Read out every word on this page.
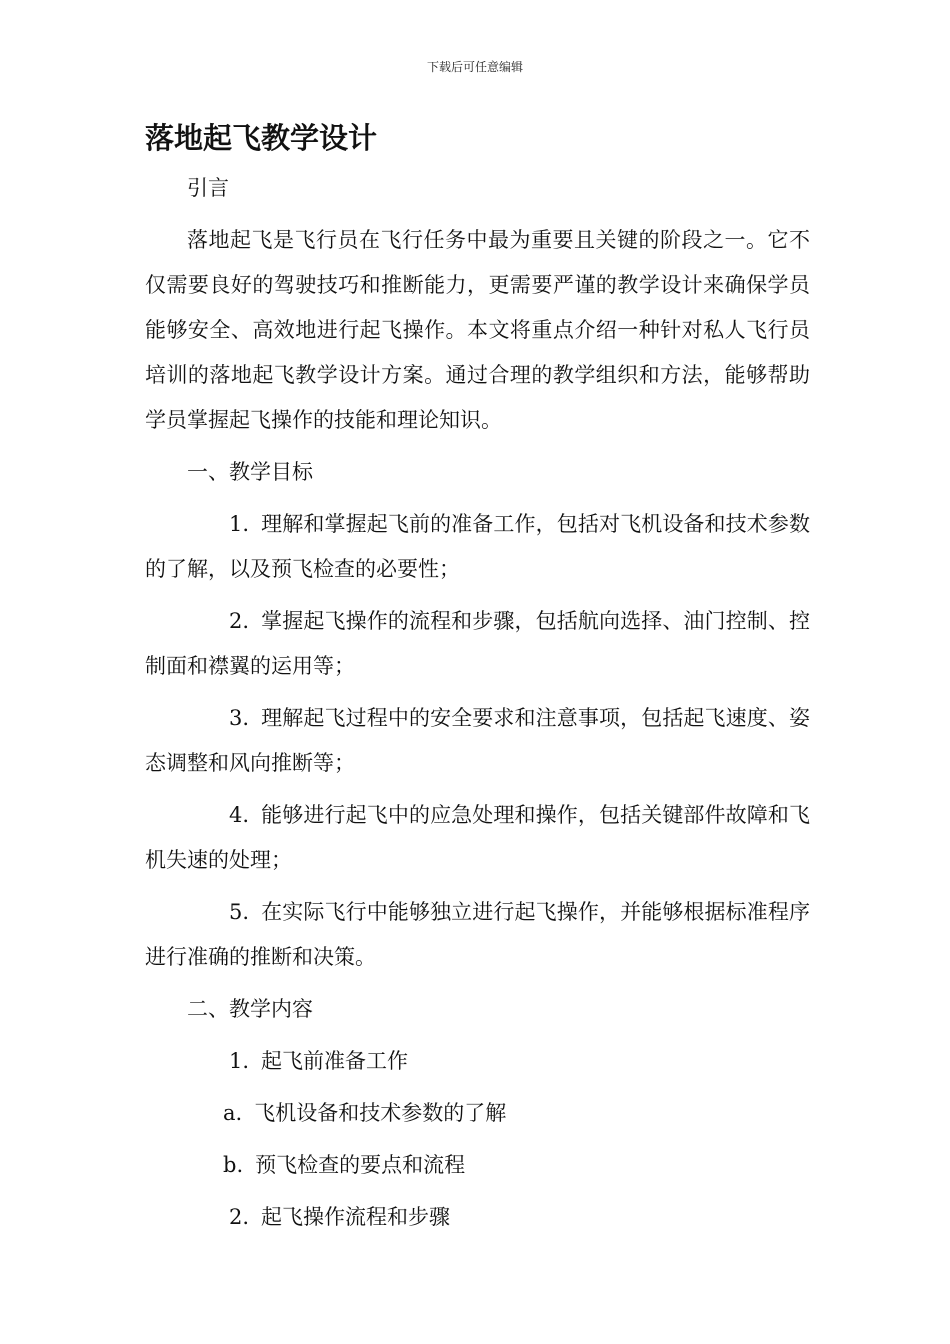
下载后可任意编辑
落地起飞教学设计

引言

落地起飞是飞行员在飞行任务中最为重要且关键的阶段之一。它不仅需要良好的驾驶技巧和推断能力，更需要严谨的教学设计来确保学员能够安全、高效地进行起飞操作。本文将重点介绍一种针对私人飞行员培训的落地起飞教学设计方案。通过合理的教学组织和方法，能够帮助学员掌握起飞操作的技能和理论知识。

一、教学目标

1. 理解和掌握起飞前的准备工作，包括对飞机设备和技术参数的了解，以及预飞检查的必要性；

2. 掌握起飞操作的流程和步骤，包括航向选择、油门控制、控制面和襟翼的运用等；

3. 理解起飞过程中的安全要求和注意事项，包括起飞速度、姿态调整和风向推断等；

4. 能够进行起飞中的应急处理和操作，包括关键部件故障和飞机失速的处理；

5. 在实际飞行中能够独立进行起飞操作，并能够根据标准程序进行准确的推断和决策。

二、教学内容

1. 起飞前准备工作

a. 飞机设备和技术参数的了解

b. 预飞检查的要点和流程

2. 起飞操作流程和步骤
